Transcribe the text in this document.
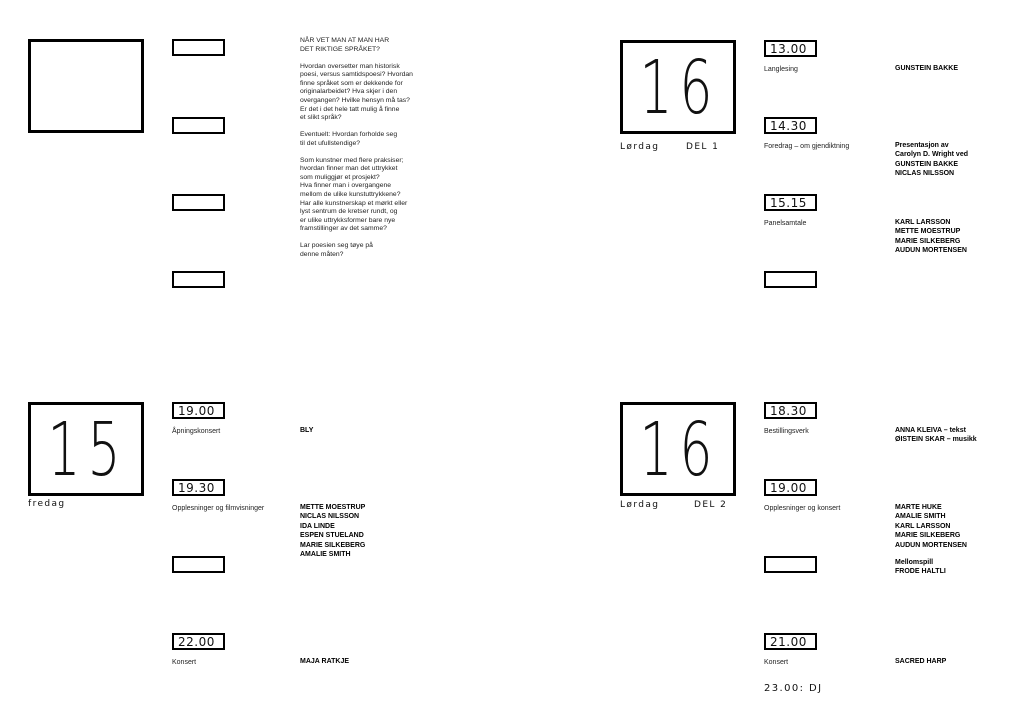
NÅR VET MAN AT MAN HAR
DET RIKTIGE SPRÅKET?

Hvordan oversetter man historisk
poesi, versus samtidspoesi? Hvordan
finne språket som er dekkende for
originalarbeidet? Hva skjer i den
overgangen? Hvilke hensyn må tas?
Er det i det hele tatt mulig å finne
et slikt språk?

Eventuelt: Hvordan forholde seg
til det ufullstendige?

Som kunstner med flere praksiser;
hvordan finner man det uttrykket
som muliggjør et prosjekt?
Hva finner man i overgangene
mellom de ulike kunstuttrykkene?
Har alle kunstnerskap et mørkt eller
lyst sentrum de kretser rundt, og
er ulike uttrykksformer bare nye
framstillinger av det samme?

Lar poesien seg tøye på
denne måten?

15
fredag
19.00
Åpningskonsert	BLY
19.30
Opplesninger og filmvisninger	METTE MOESTRUP
NICLAS NILSSON
IDA LINDE
ESPEN STUELAND
MARIE SILKEBERG
AMALIE SMITH
22.00
Konsert	MAJA RATKJE
16
Lørdag	DEL 1
13.00
Langlesing	GUNSTEIN BAKKE
14.30
Foredrag – om gjendiktning	Presentasjon av
Carolyn D. Wright ved
GUNSTEIN BAKKE
NICLAS NILSSON
15.15
Panelsamtale	KARL LARSSON
METTE MOESTRUP
MARIE SILKEBERG
AUDUN MORTENSEN
16
Lørdag	DEL 2
18.30
Bestillingsverk	ANNA KLEIVA – tekst
ØISTEIN SKAR – musikk
19.00
Opplesninger og konsert	MARTE HUKE
AMALIE SMITH
KARL LARSSON
MARIE SILKEBERG
AUDUN MORTENSEN
Mellomspill
FRODE HALTLI
21.00
Konsert	SACRED HARP
23.00: DJ
